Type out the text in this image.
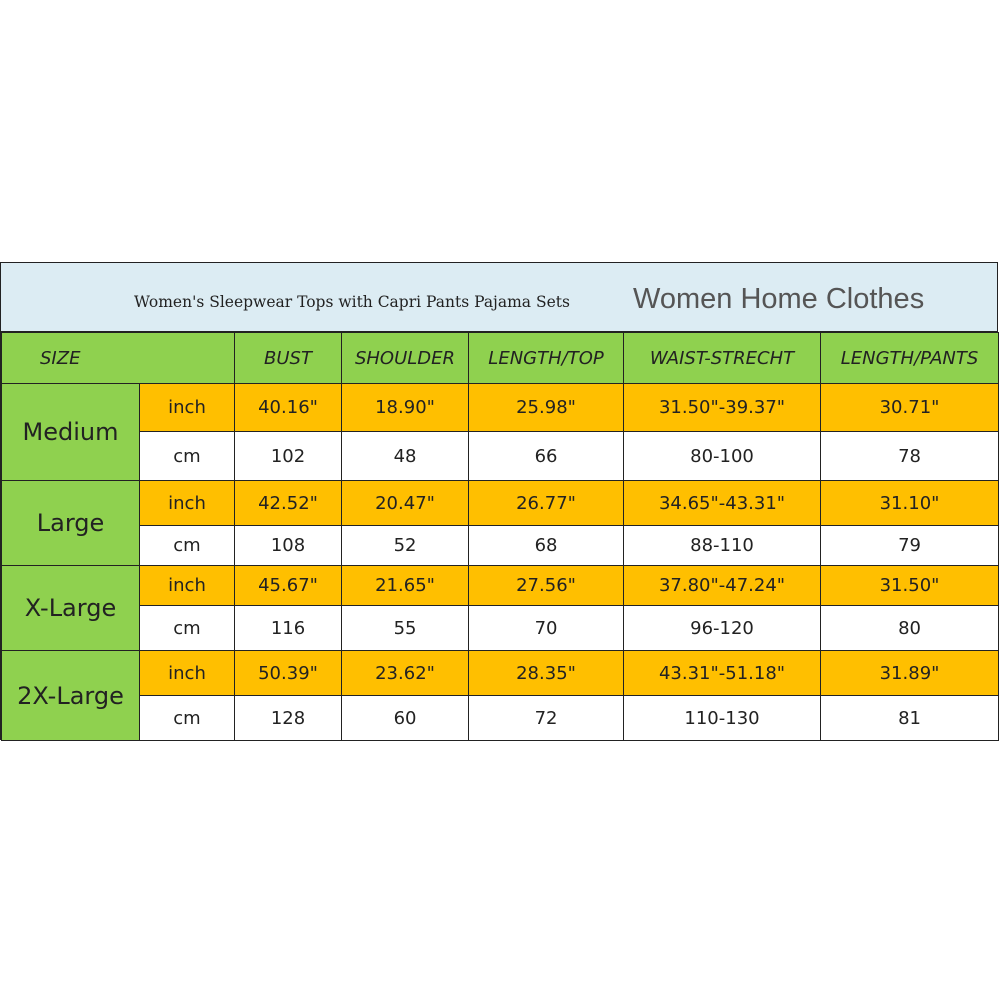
Women's Sleepwear Tops with Capri Pants Pajama Sets Women Home Clothes
SIZE		BUST	SHOULDER	LENGTH/TOP	WAIST-STRECHT	LENGTH/PANTS
Medium	inch	40.16"	18.90"	25.98"	31.50"-39.37"	30.71"
	cm	102	48	66	80-100	78
Large	inch	42.52"	20.47"	26.77"	34.65"-43.31"	31.10"
	cm	108	52	68	88-110	79
X-Large	inch	45.67"	21.65"	27.56"	37.80"-47.24"	31.50"
	cm	116	55	70	96-120	80
2X-Large	inch	50.39"	23.62"	28.35"	43.31"-51.18"	31.89"
	cm	128	60	72	110-130	81
